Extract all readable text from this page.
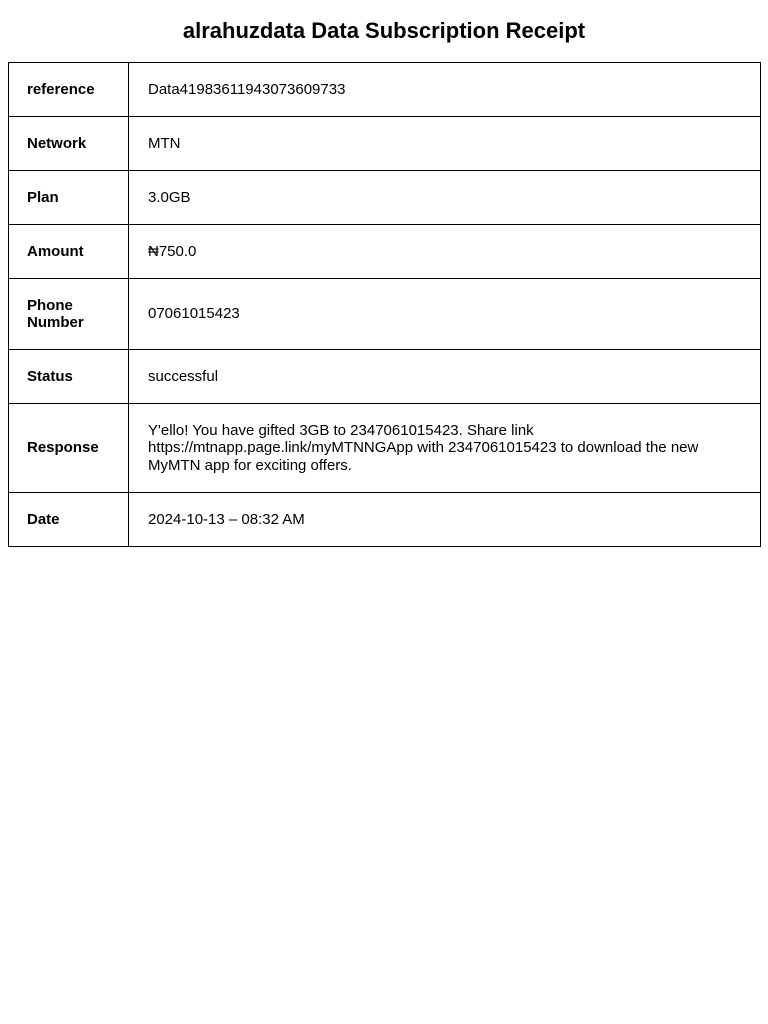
alrahuzdata Data Subscription Receipt
reference	Data41983611943073609733
Network	MTN
Plan	3.0GB
Amount	₦750.0
Phone Number	07061015423
Status	successful
Response	Y'ello! You have gifted 3GB to 2347061015423. Share link https://mtnapp.page.link/myMTNNGApp with 2347061015423 to download the new MyMTN app for exciting offers.
Date	2024-10-13 – 08:32 AM
